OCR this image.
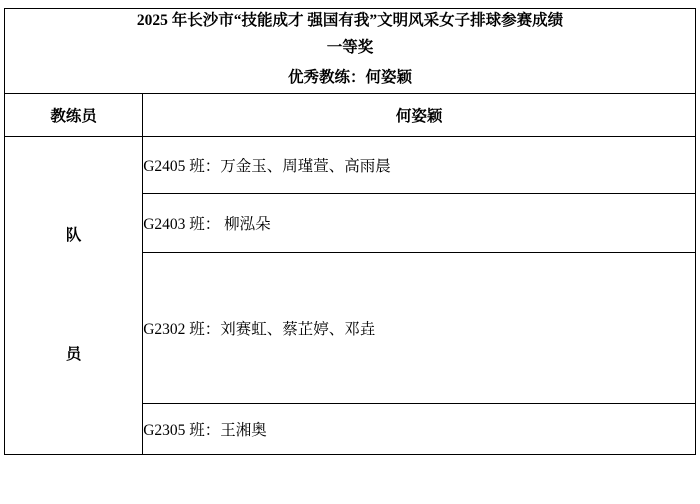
2025 年长沙市“技能成才 强国有我”文明风采女子排球参赛成绩
一等奖
优秀教练：何姿颖	

教练员	何姿颖

队
员	G2405 班：万金玉、周瑾萱、高雨晨

	G2403 班： 柳泓朵

	G2302 班：刘赛虹、蔡芷婷、邓垚

	G2305 班：王湘奥
